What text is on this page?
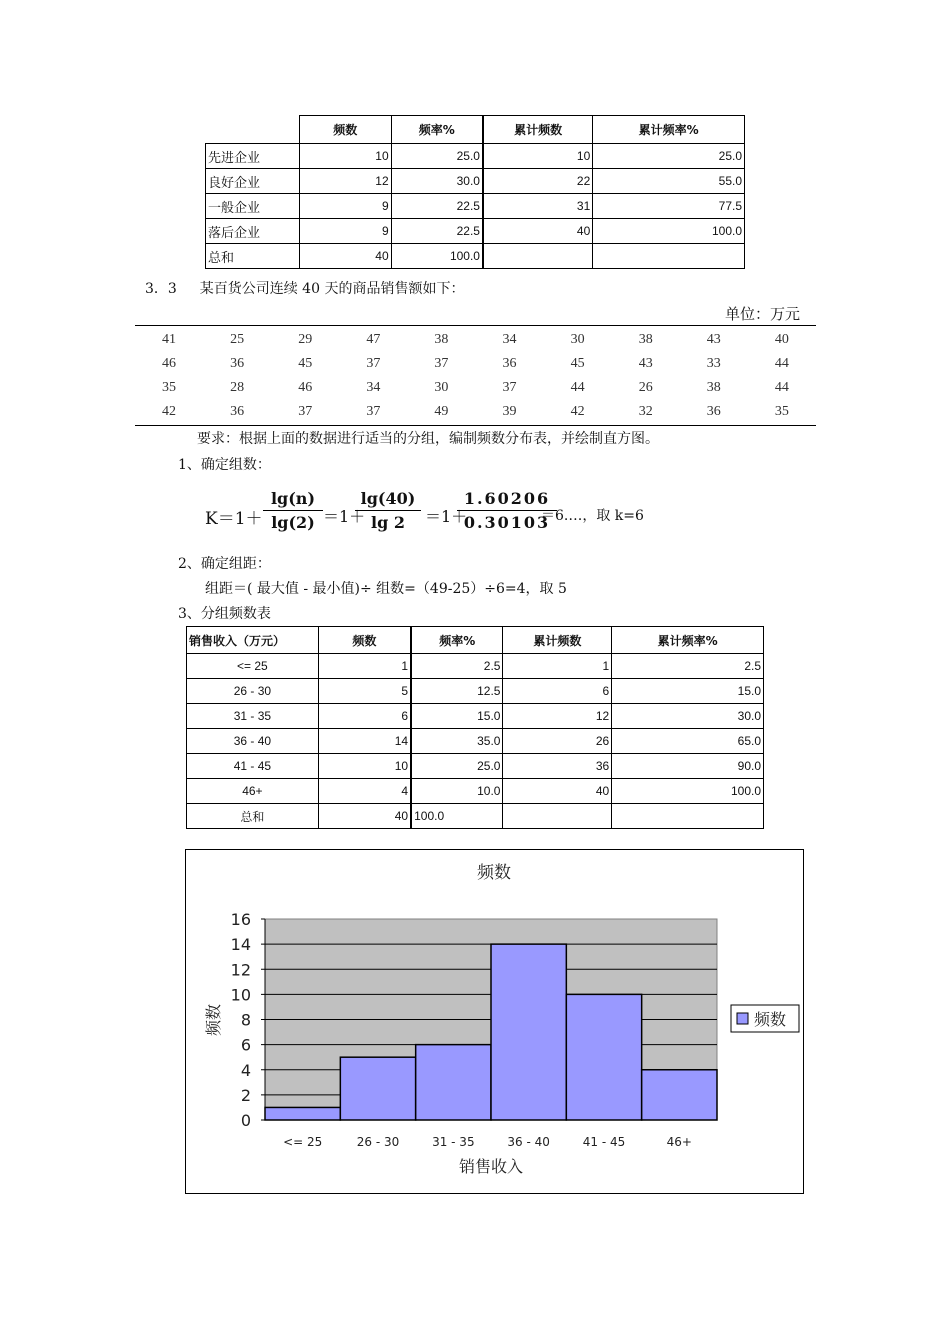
	频数	频率%	累计频数	累计频率%
先进企业	10	25.0	10	25.0
良好企业	12	30.0	22	55.0
一般企业	9	22.5	31	77.5
落后企业	9	22.5	40	100.0
总和	40	100.0		
3．3 某百货公司连续 40 天的商品销售额如下：
单位：万元
41	25	29	47	38	34	30	38	43	40
46	36	45	37	37	36	45	43	33	44
35	28	46	34	30	37	44	26	38	44
42	36	37	37	49	39	42	32	36	35
要求：根据上面的数据进行适当的分组，编制频数分布表，并绘制直方图。
1、确定组数：
$K=1+ \frac{\lg(n)}{\lg(2)} =1+$
$\frac{\lg(40)}{\lg 2} =1+$
$\frac{1.60206}{0.30103}$
＝6.…，取 k=6
2、确定组距：
组距＝( 最大值 - 最小值)÷ 组数=（49-25）÷6=4，取 5
3、分组频数表
销售收入（万元）	频数	频率%	累计频数	累计频率%
<= 25	1	2.5	1	2.5
26 - 30	5	12.5	6	15.0
31 - 35	6	15.0	12	30.0
36 - 40	14	35.0	26	65.0
41 - 45	10	25.0	36	90.0
46+	4	10.0	40	100.0
总和	40	100.0		
频数
0
2
4
6
8
10
12
14
16
<= 25	26 - 30	31 - 35	36 - 40	41 - 45	46+
频数
销售收入
频数
